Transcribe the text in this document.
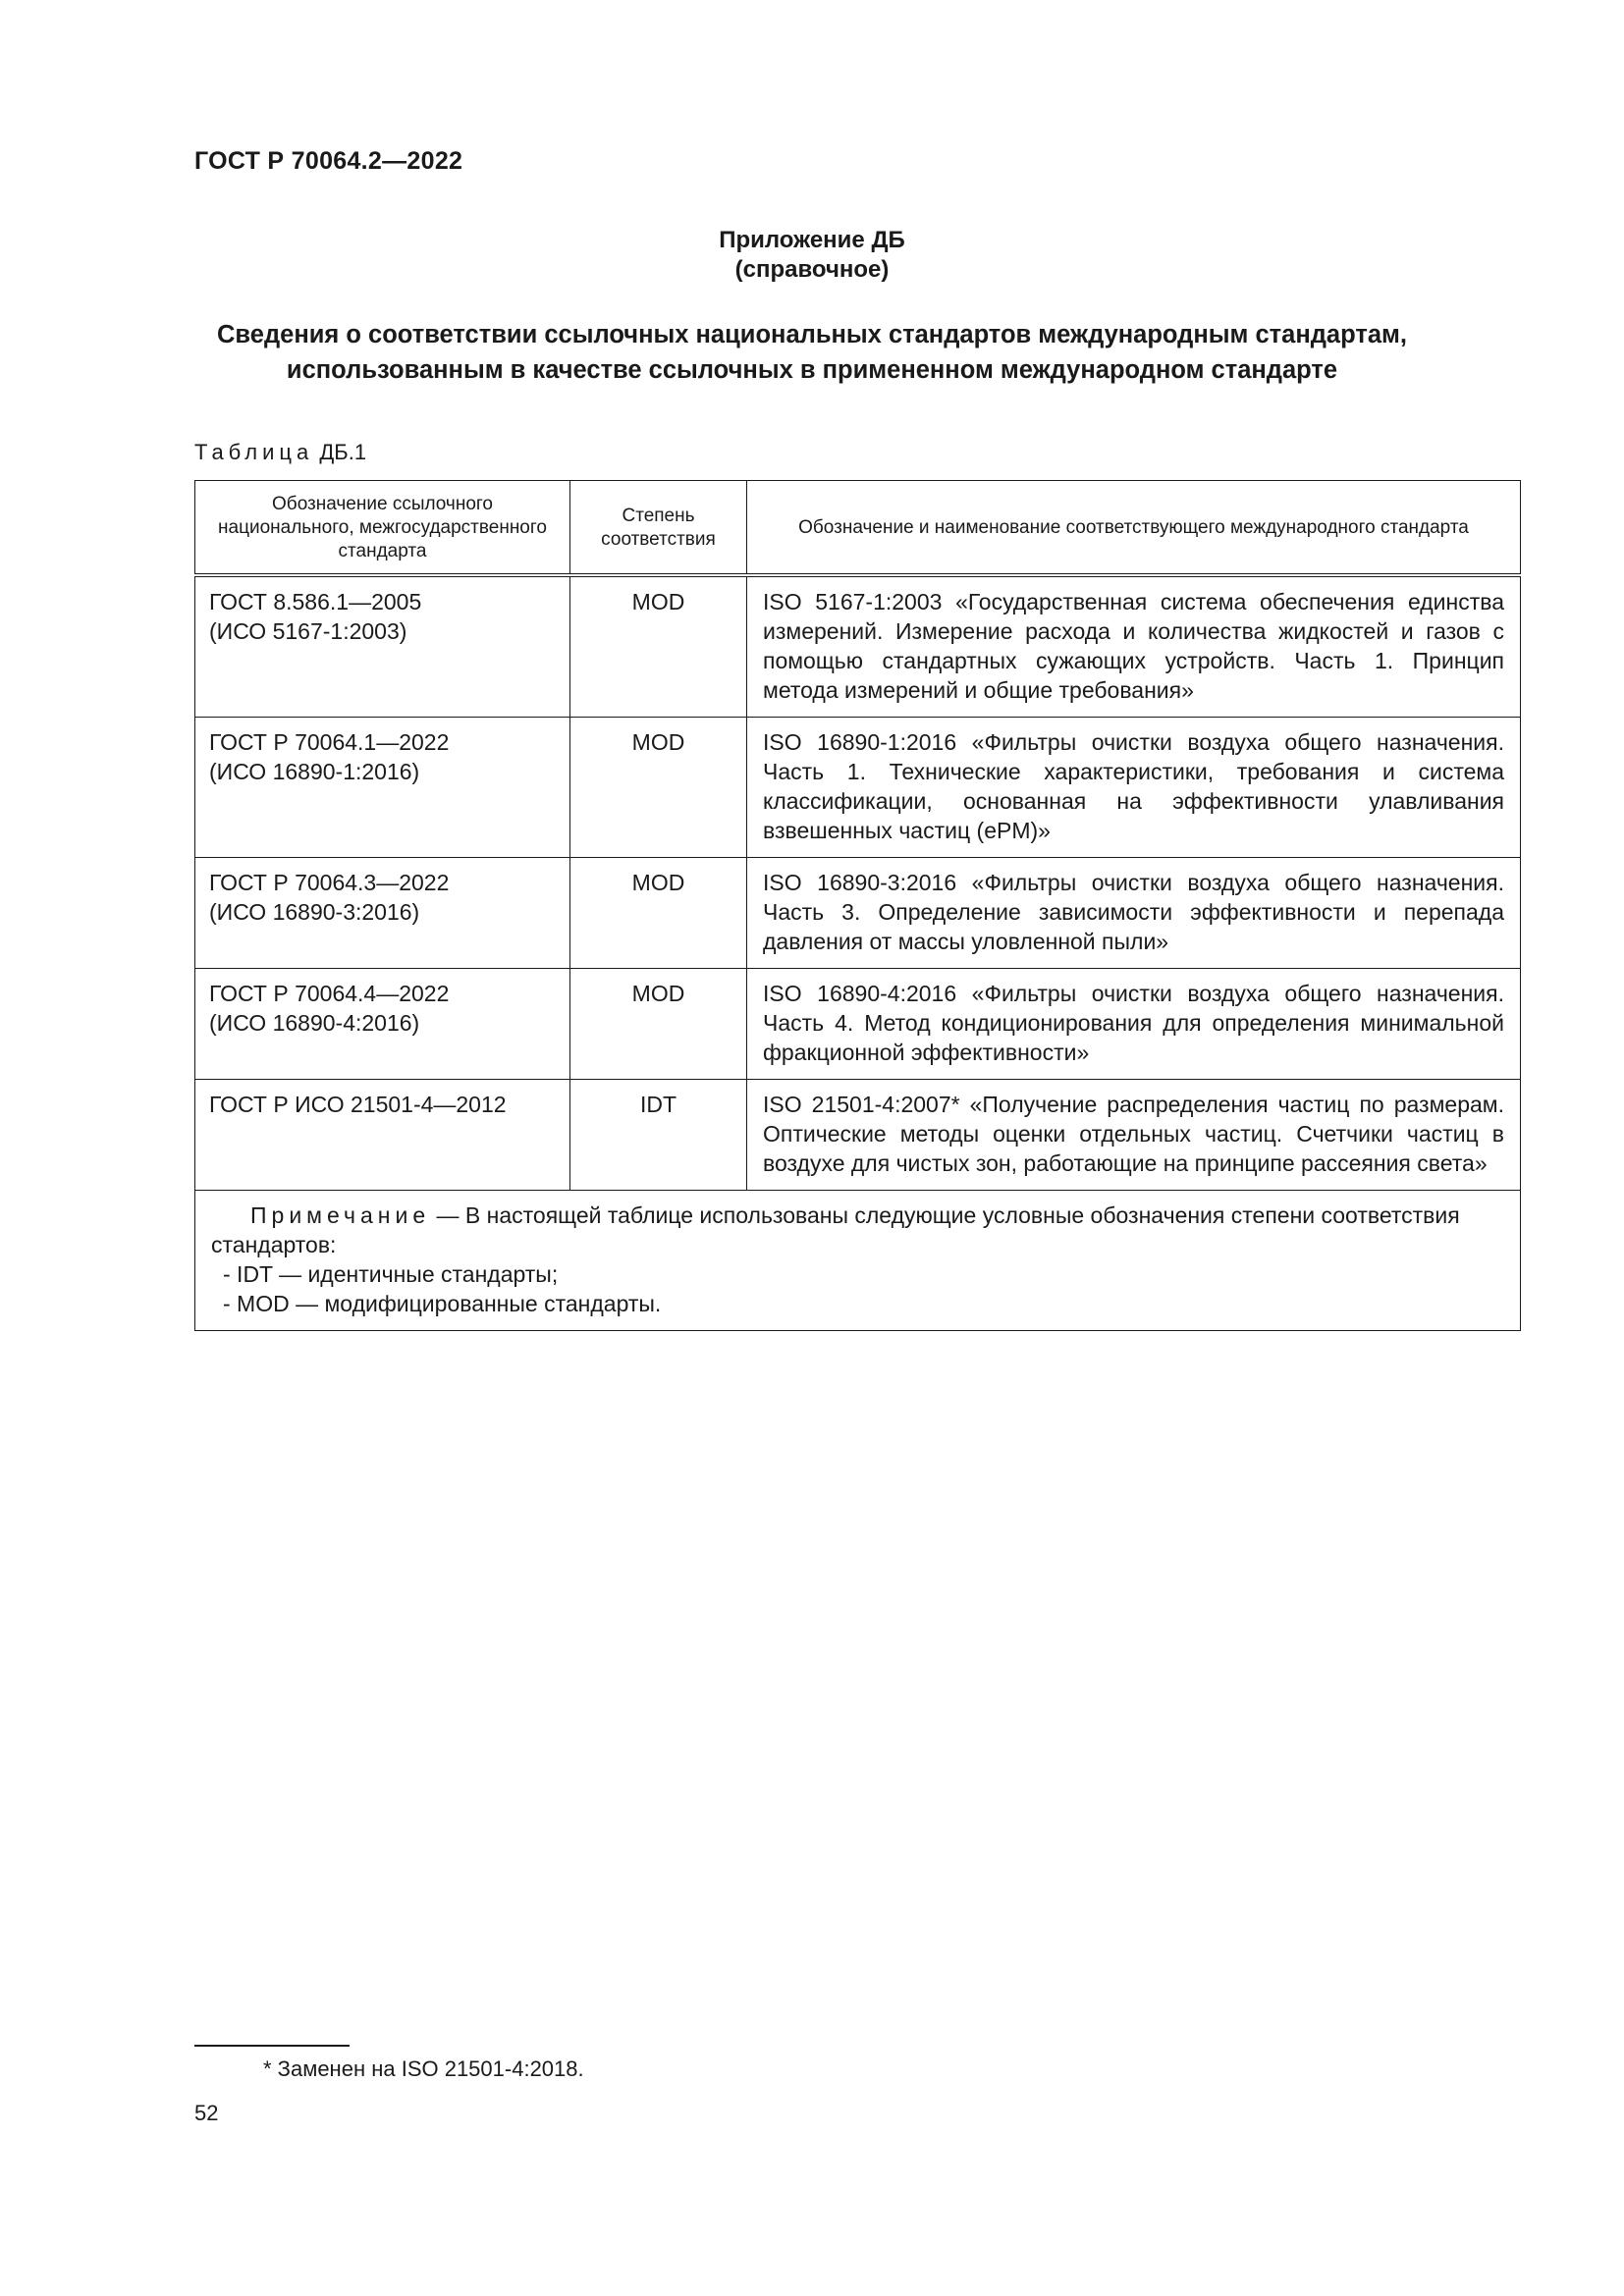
ГОСТ Р 70064.2—2022
Приложение ДБ
(справочное)
Сведения о соответствии ссылочных национальных стандартов международным стандартам,
использованным в качестве ссылочных в примененном международном стандарте
Таблица ДБ.1
Обозначение ссылочного национального, межгосударственного стандарта	Степень соответствия	Обозначение и наименование соответствующего международного стандарта

ГОСТ 8.586.1—2005
(ИСО 5167-1:2003)	MOD	ISO 5167-1:2003 «Государственная система обеспечения единства измерений. Измерение расхода и количества жидкостей и газов с помощью стандартных сужающих устройств. Часть 1. Принцип метода измерений и общие требования»

ГОСТ Р 70064.1—2022
(ИСО 16890-1:2016)	MOD	ISO 16890-1:2016 «Фильтры очистки воздуха общего назначения. Часть 1. Технические характеристики, требования и система классификации, основанная на эффективности улавливания взвешенных частиц (ePM)»

ГОСТ Р 70064.3—2022
(ИСО 16890-3:2016)	MOD	ISO 16890-3:2016 «Фильтры очистки воздуха общего назначения. Часть 3. Определение зависимости эффективности и перепада давления от массы уловленной пыли»

ГОСТ Р 70064.4—2022
(ИСО 16890-4:2016)	MOD	ISO 16890-4:2016 «Фильтры очистки воздуха общего назначения. Часть 4. Метод кондиционирования для определения минимальной фракционной эффективности»

ГОСТ Р ИСО 21501-4—2012	IDT	ISO 21501-4:2007* «Получение распределения частиц по размерам. Оптические методы оценки отдельных частиц. Счетчики частиц в воздухе для чистых зон, работающие на принципе рассеяния света»

Примечание — В настоящей таблице использованы следующие условные обозначения степени соответствия стандартов:
- IDT — идентичные стандарты;
- MOD — модифицированные стандарты.		
* Заменен на ISO 21501-4:2018.
52
